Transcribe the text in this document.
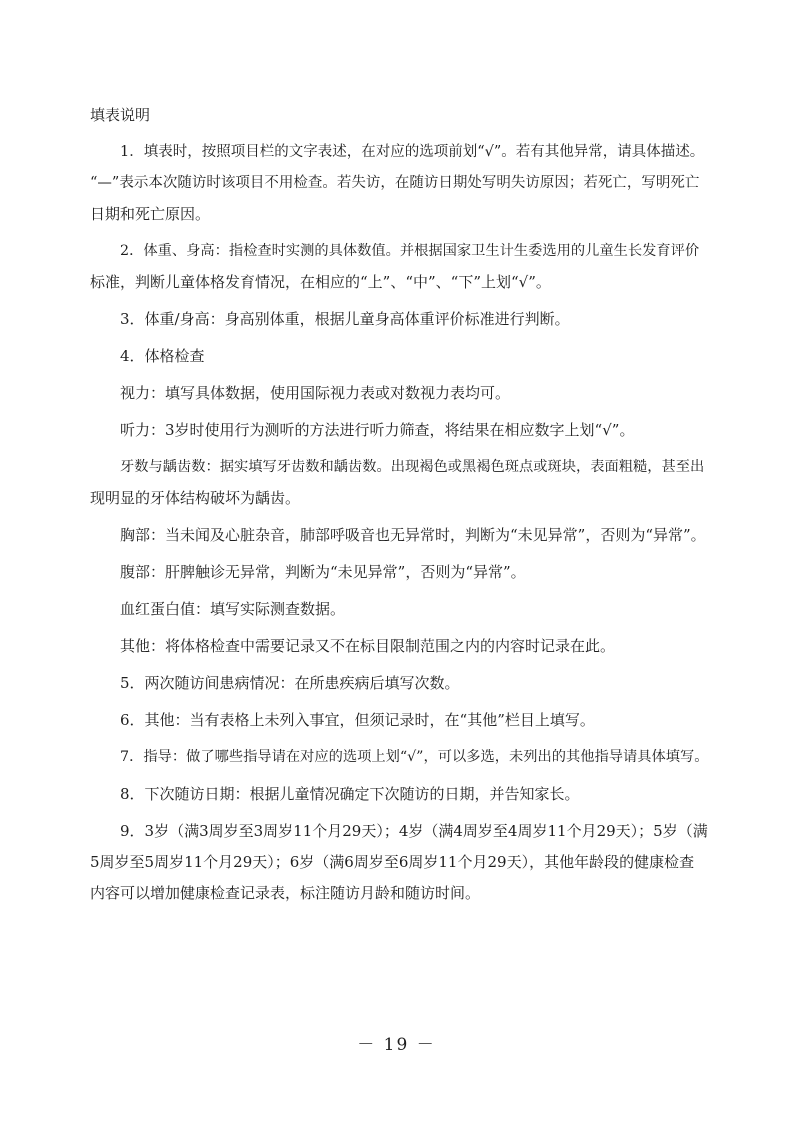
填表说明

1．填表时，按照项目栏的文字表述，在对应的选项前划“√”。若有其他异常，请具体描述。

“—”表示本次随访时该项目不用检查。若失访，在随访日期处写明失访原因；若死亡，写明死亡

日期和死亡原因。

2．体重、身高：指检查时实测的具体数值。并根据国家卫生计生委选用的儿童生长发育评价

标准，判断儿童体格发育情况，在相应的“上”、“中”、“下”上划“√”。

3．体重/身高：身高别体重，根据儿童身高体重评价标准进行判断。

4．体格检查

视力：填写具体数据，使用国际视力表或对数视力表均可。

听力：3岁时使用行为测听的方法进行听力筛查，将结果在相应数字上划“√”。

牙数与龋齿数：据实填写牙齿数和龋齿数。出现褐色或黑褐色斑点或斑块，表面粗糙，甚至出

现明显的牙体结构破坏为龋齿。

胸部：当未闻及心脏杂音，肺部呼吸音也无异常时，判断为“未见异常”，否则为“异常”。

腹部：肝脾触诊无异常，判断为“未见异常”，否则为“异常”。

血红蛋白值：填写实际测查数据。

其他：将体格检查中需要记录又不在标目限制范围之内的内容时记录在此。

5．两次随访间患病情况：在所患疾病后填写次数。

6．其他：当有表格上未列入事宜，但须记录时，在“其他”栏目上填写。

7．指导：做了哪些指导请在对应的选项上划“√”，可以多选，未列出的其他指导请具体填写。

8．下次随访日期：根据儿童情况确定下次随访的日期，并告知家长。

9．3岁（满3周岁至3周岁11个月29天）；4岁（满4周岁至4周岁11个月29天）；5岁（满

5周岁至5周岁11个月29天）；6岁（满6周岁至6周岁11个月29天），其他年龄段的健康检查

内容可以增加健康检查记录表，标注随访月龄和随访时间。

－ 19 －
